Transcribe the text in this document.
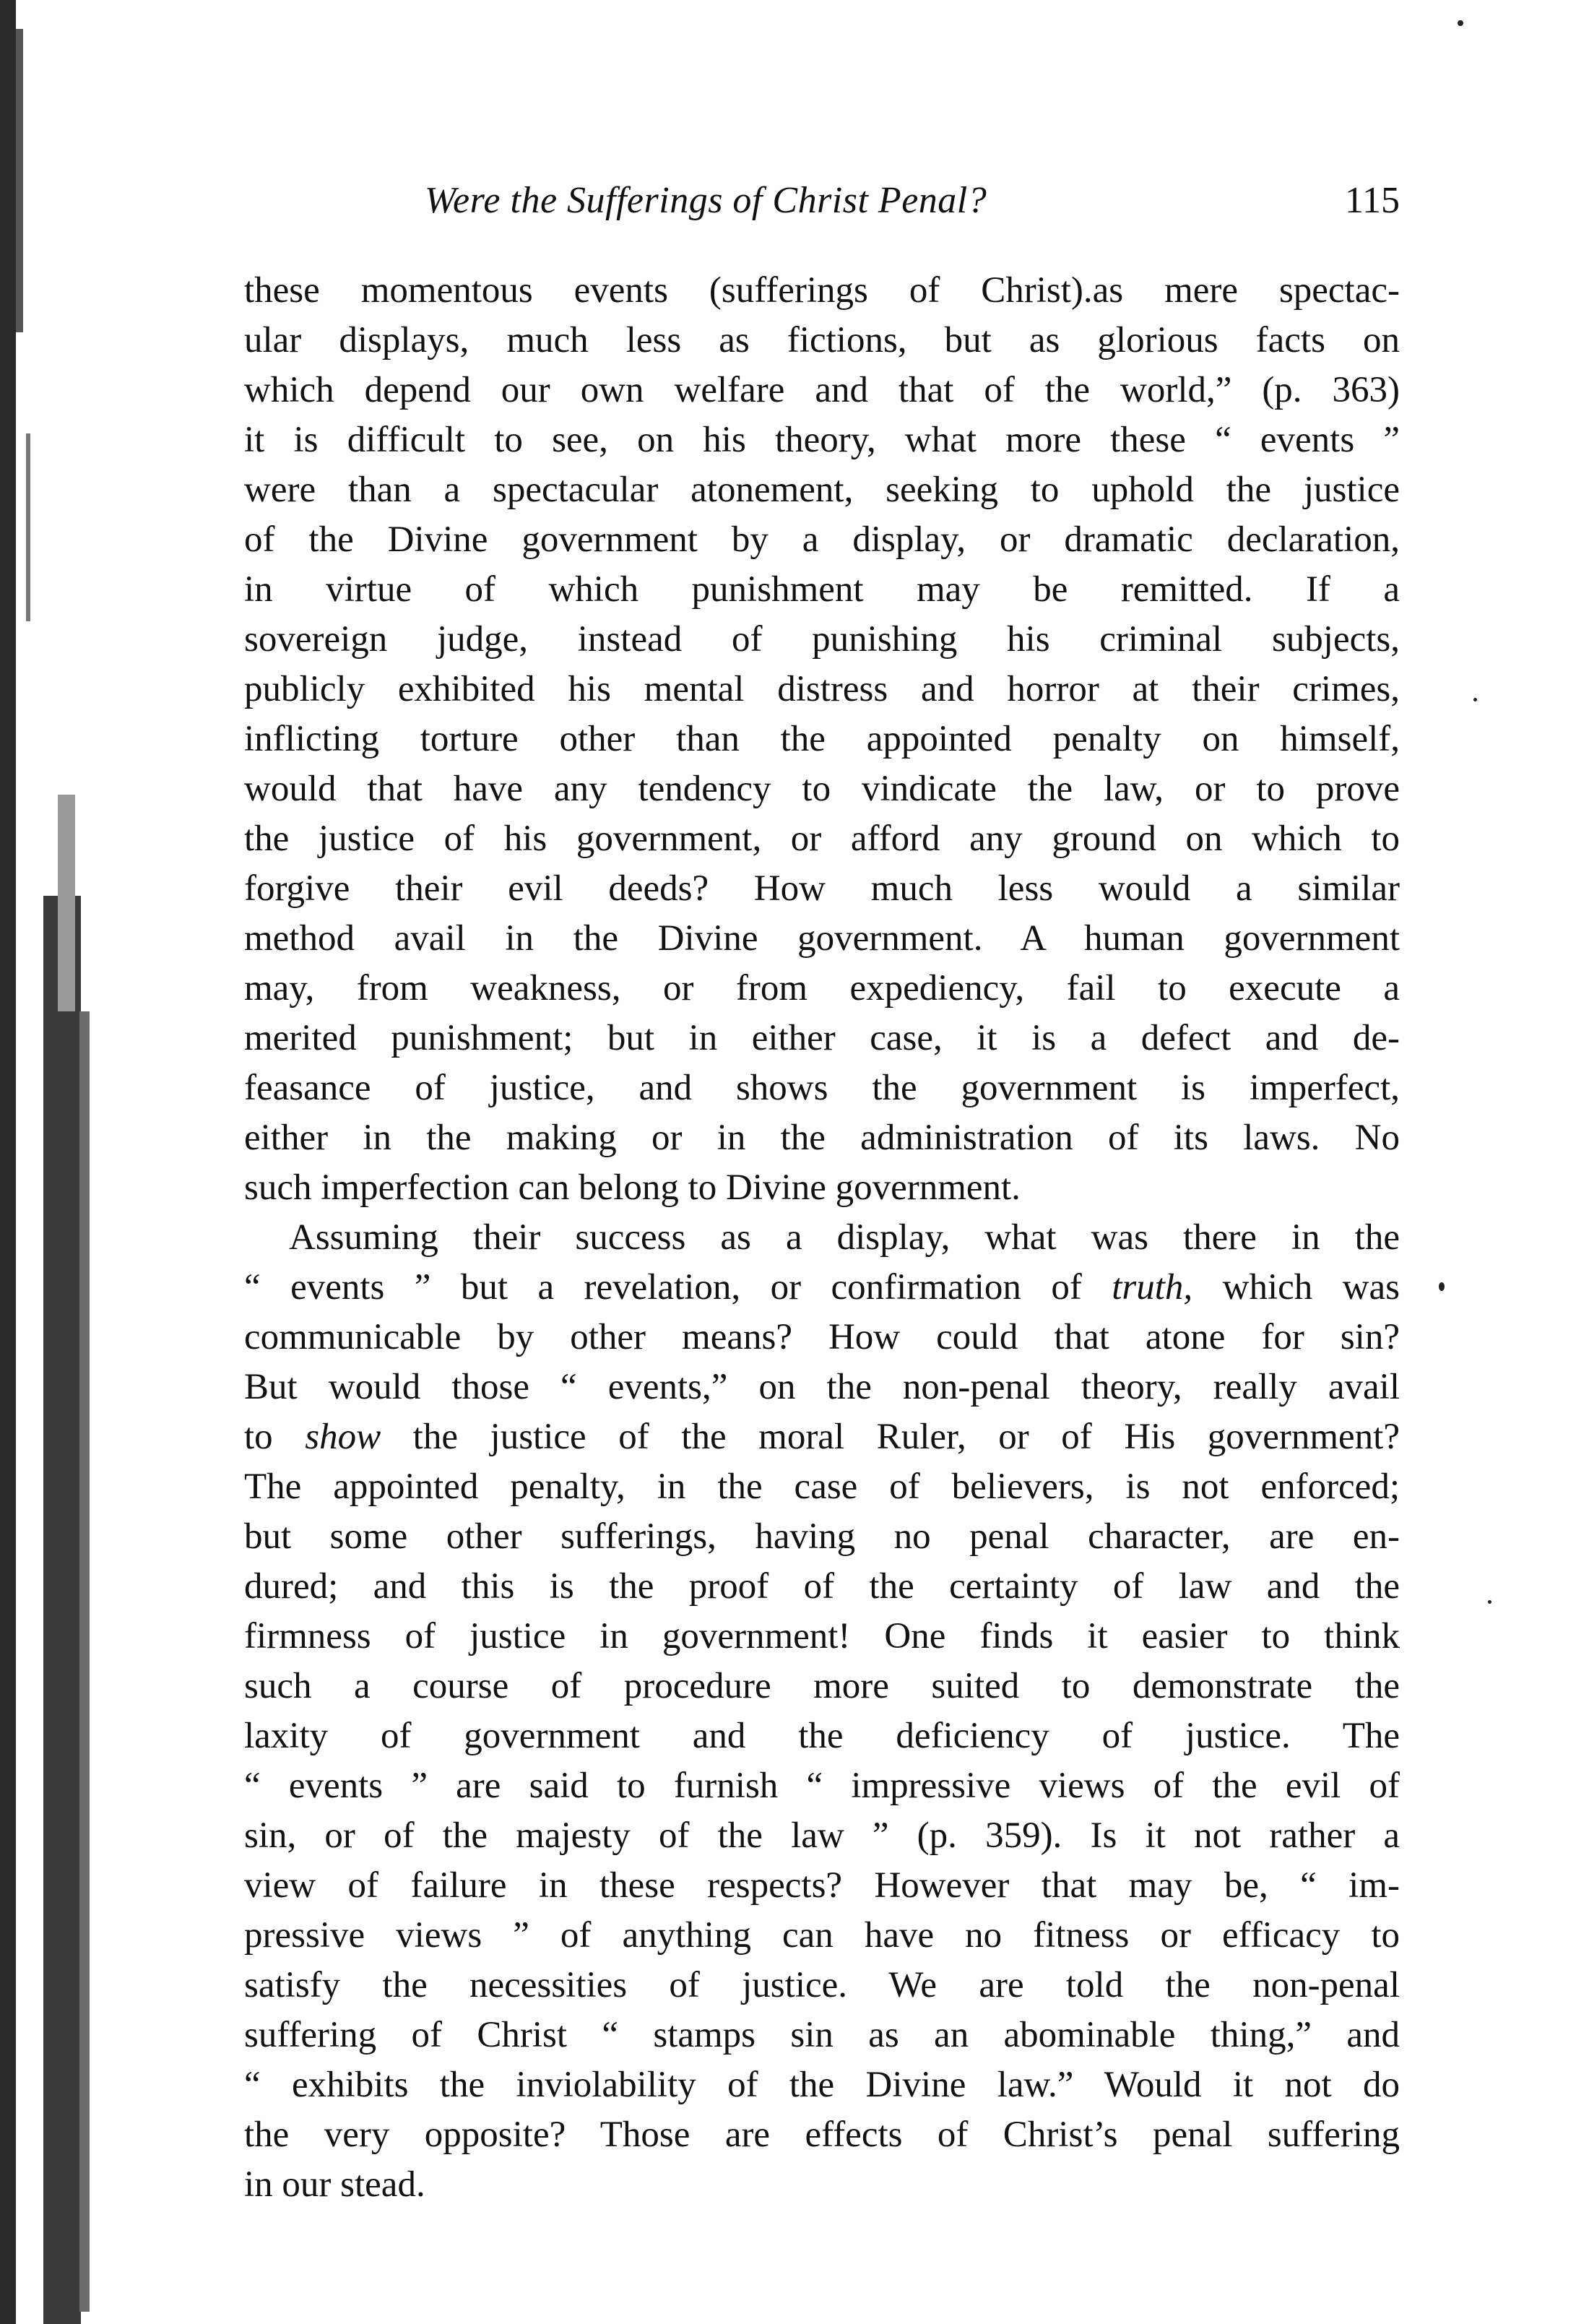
Were the Sufferings of Christ Penal?	115

these momentous events (sufferings of Christ).as mere spectac-

ular displays, much less as fictions, but as glorious facts on

which depend our own welfare and that of the world,” (p. 363)

it is difficult to see, on his theory, what more these “ events ”

were than a spectacular atonement, seeking to uphold the justice

of the Divine government by a display, or dramatic declaration,

in virtue of which punishment may be remitted. If a

sovereign judge, instead of punishing his criminal subjects,

publicly exhibited his mental distress and horror at their crimes,

inflicting torture other than the appointed penalty on himself,

would that have any tendency to vindicate the law, or to prove

the justice of his government, or afford any ground on which to

forgive their evil deeds? How much less would a similar

method avail in the Divine government. A human government

may, from weakness, or from expediency, fail to execute a

merited punishment; but in either case, it is a defect and de-

feasance of justice, and shows the government is imperfect,

either in the making or in the administration of its laws. No

such imperfection can belong to Divine government.

Assuming their success as a display, what was there in the

“ events ” but a revelation, or confirmation of truth, which was

communicable by other means? How could that atone for sin?

But would those “ events,” on the non-penal theory, really avail

to show the justice of the moral Ruler, or of His government?

The appointed penalty, in the case of believers, is not enforced;

but some other sufferings, having no penal character, are en-

dured; and this is the proof of the certainty of law and the

firmness of justice in government! One finds it easier to think

such a course of procedure more suited to demonstrate the

laxity of government and the deficiency of justice. The

“ events ” are said to furnish “ impressive views of the evil of

sin, or of the majesty of the law ” (p. 359). Is it not rather a

view of failure in these respects? However that may be, “ im-

pressive views ” of anything can have no fitness or efficacy to

satisfy the necessities of justice. We are told the non-penal

suffering of Christ “ stamps sin as an abominable thing,” and

“ exhibits the inviolability of the Divine law.” Would it not do

the very opposite? Those are effects of Christ’s penal suffering

in our stead.
